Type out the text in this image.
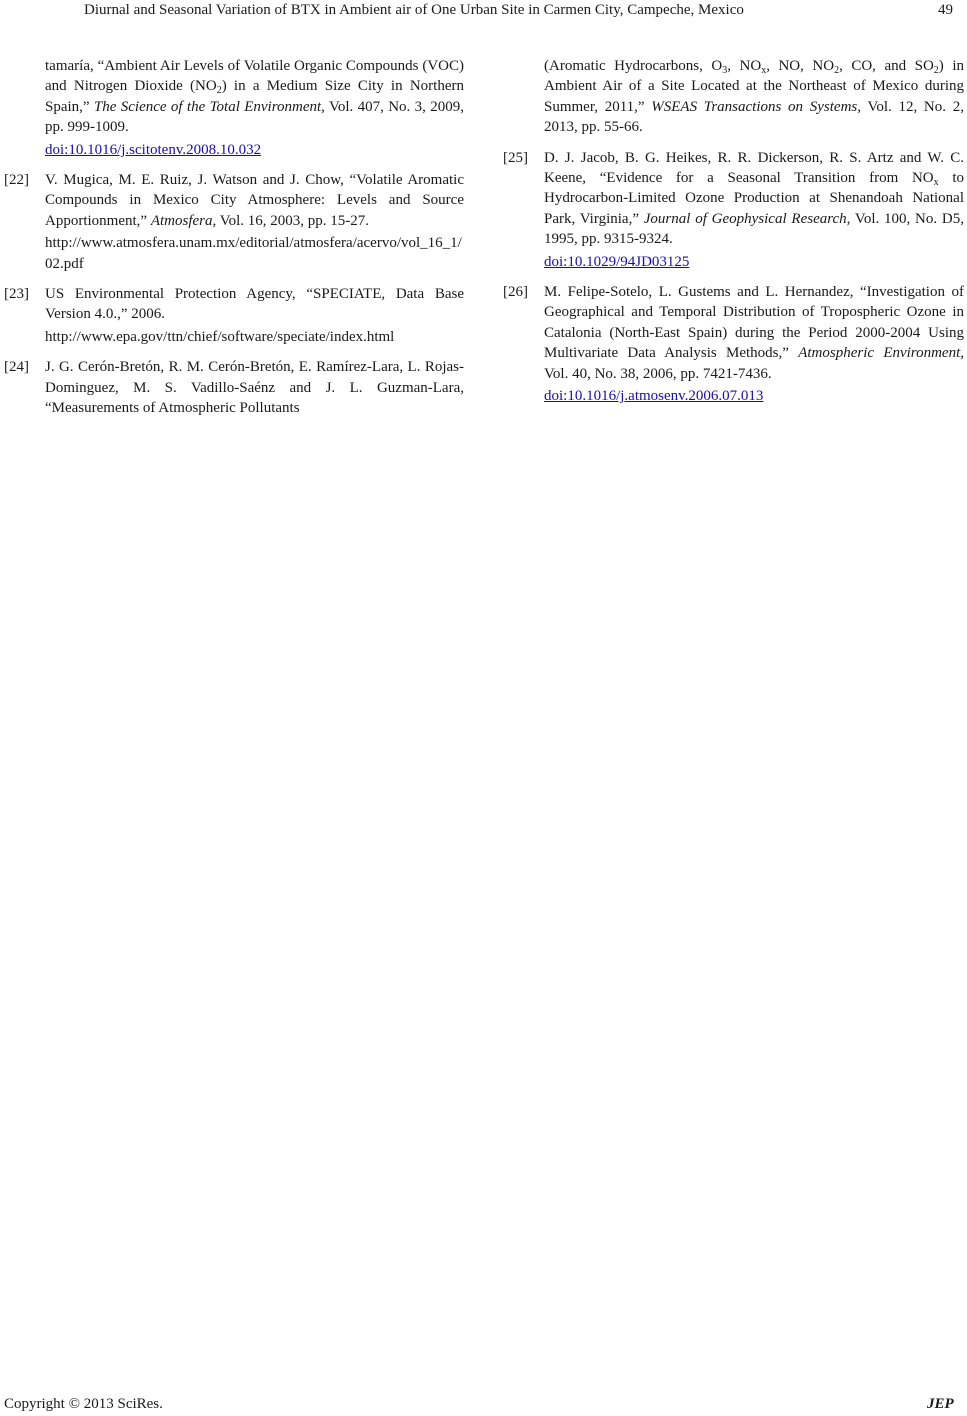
Diurnal and Seasonal Variation of BTX in Ambient air of One Urban Site in Carmen City, Campeche, Mexico	49
tamaría, “Ambient Air Levels of Volatile Organic Compounds (VOC) and Nitrogen Dioxide $(NO_2)$ in a Medium Size City in Northern Spain,” The Science of the Total Environment, Vol. 407, No. 3, 2009, pp. 999-1009.
doi:10.1016/j.scitotenv.2008.10.032
[22] V. Mugica, M. E. Ruiz, J. Watson and J. Chow, “Volatile Aromatic Compounds in Mexico City Atmosphere: Levels and Source Apportionment,” Atmosfera, Vol. 16, 2003, pp. 15-27.
http://www.atmosfera.unam.mx/editorial/atmosfera/acervo/vol_16_1/02.pdf
[23] US Environmental Protection Agency, “SPECIATE, Data Base Version 4.0.,” 2006.
http://www.epa.gov/ttn/chief/software/speciate/index.html
[24] J. G. Cerón-Bretón, R. M. Cerón-Bretón, E. Ramírez-Lara, L. Rojas-Dominguez, M. S. Vadillo-Saénz and J. L. Guzman-Lara, “Measurements of Atmospheric Pollutants
(Aromatic Hydrocarbons, $O_3$, $NO_x$, NO, $NO_2$, CO, and $SO_2$) in Ambient Air of a Site Located at the Northeast of Mexico during Summer, 2011,” WSEAS Transactions on Systems, Vol. 12, No. 2, 2013, pp. 55-66.
[25] D. J. Jacob, B. G. Heikes, R. R. Dickerson, R. S. Artz and W. C. Keene, “Evidence for a Seasonal Transition from $NO_x$ to Hydrocarbon-Limited Ozone Production at Shenandoah National Park, Virginia,” Journal of Geophysical Research, Vol. 100, No. D5, 1995, pp. 9315-9324.
doi:10.1029/94JD03125
[26] M. Felipe-Sotelo, L. Gustems and L. Hernandez, “Investigation of Geographical and Temporal Distribution of Tropospheric Ozone in Catalonia (North-East Spain) during the Period 2000-2004 Using Multivariate Data Analysis Methods,” Atmospheric Environment, Vol. 40, No. 38, 2006, pp. 7421-7436.
doi:10.1016/j.atmosenv.2006.07.013
Copyright © 2013 SciRes.	JEP
